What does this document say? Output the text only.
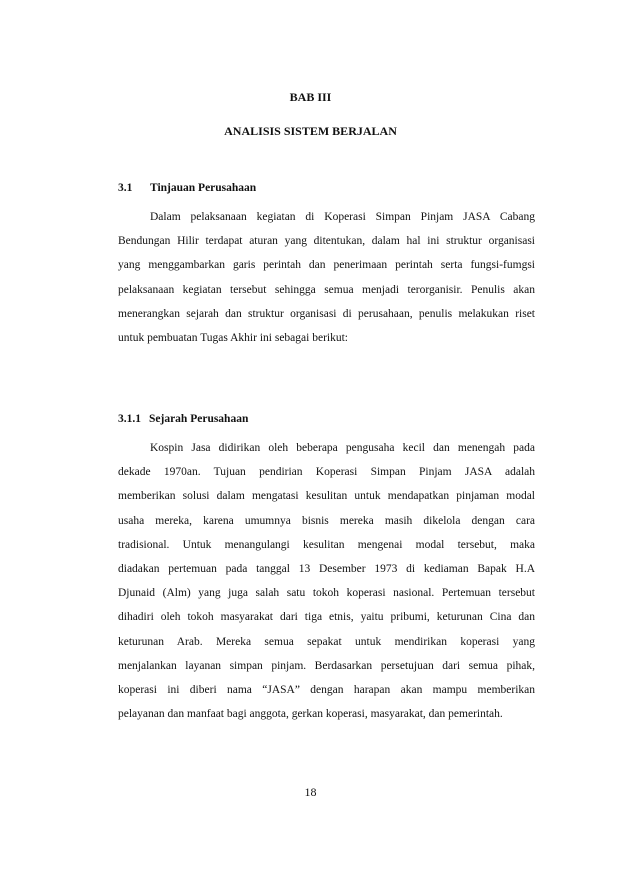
BAB III
ANALISIS SISTEM BERJALAN
3.1 Tinjauan Perusahaan
Dalam pelaksanaan kegiatan di Koperasi Simpan Pinjam JASA Cabang
Bendungan Hilir terdapat aturan yang ditentukan, dalam hal ini struktur organisasi
yang menggambarkan garis perintah dan penerimaan perintah serta fungsi-fumgsi
pelaksanaan kegiatan tersebut sehingga semua menjadi terorganisir. Penulis akan
menerangkan sejarah dan struktur organisasi di perusahaan, penulis melakukan riset
untuk pembuatan Tugas Akhir ini sebagai berikut:
3.1.1 Sejarah Perusahaan
Kospin Jasa didirikan oleh beberapa pengusaha kecil dan menengah pada
dekade 1970an. Tujuan pendirian Koperasi Simpan Pinjam JASA adalah
memberikan solusi dalam mengatasi kesulitan untuk mendapatkan pinjaman modal
usaha mereka, karena umumnya bisnis mereka masih dikelola dengan cara
tradisional. Untuk menangulangi kesulitan mengenai modal tersebut, maka
diadakan pertemuan pada tanggal 13 Desember 1973 di kediaman Bapak H.A
Djunaid (Alm) yang juga salah satu tokoh koperasi nasional. Pertemuan tersebut
dihadiri oleh tokoh masyarakat dari tiga etnis, yaitu pribumi, keturunan Cina dan
keturunan Arab. Mereka semua sepakat untuk mendirikan koperasi yang
menjalankan layanan simpan pinjam. Berdasarkan persetujuan dari semua pihak,
koperasi ini diberi nama “JASA” dengan harapan akan mampu memberikan
pelayanan dan manfaat bagi anggota, gerkan koperasi, masyarakat, dan pemerintah.
18
